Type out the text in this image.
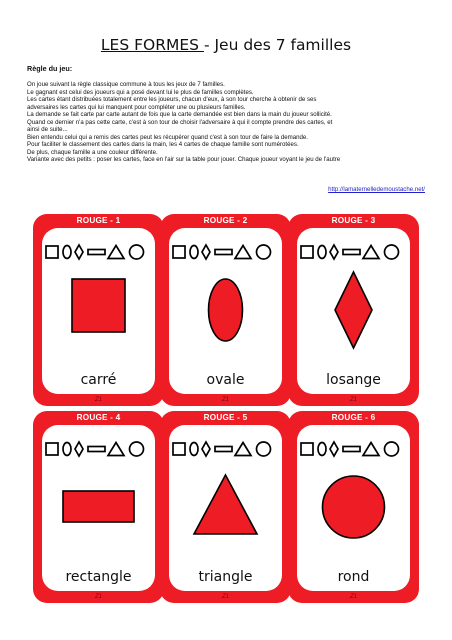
LES FORMES - Jeu des 7 familles
Règle du jeu:
On joue suivant la règle classique commune à tous les jeux de 7 familles.
Le gagnant est celui des joueurs qui a posé devant lui le plus de familles complètes.
Les cartes étant distribuées totalement entre les joueurs, chacun d'eux, à son tour cherche à obtenir de ses
adversaires les cartes qui lui manquent pour compléter une ou plusieurs familles.
La demande se fait carte par carte autant de fois que la carte demandée est bien dans la main du joueur sollicité.
Quand ce dernier n'a pas cette carte, c'est à son tour de choisir l'adversaire à qui il compte prendre des cartes, et
ainsi de suite...
Bien entendu celui qui a remis des cartes peut les récupérer quand c'est à son tour de faire la demande.
Pour faciliter le classement des cartes dans la main, les 4 cartes de chaque famille sont numérotées.
De plus, chaque famille a une couleur différente.
Variante avec des petits : poser les cartes, face en l'air sur la table pour jouer. Chaque joueur voyant le jeu de l'autre
http://lamaternelledemoustache.net/
ROUGE - 1
carré
Z1
ROUGE - 2
ovale
Z1
ROUGE - 3
losange
Z1
ROUGE - 4
rectangle
Z1
ROUGE - 5
triangle
Z1
ROUGE - 6
rond
Z1
